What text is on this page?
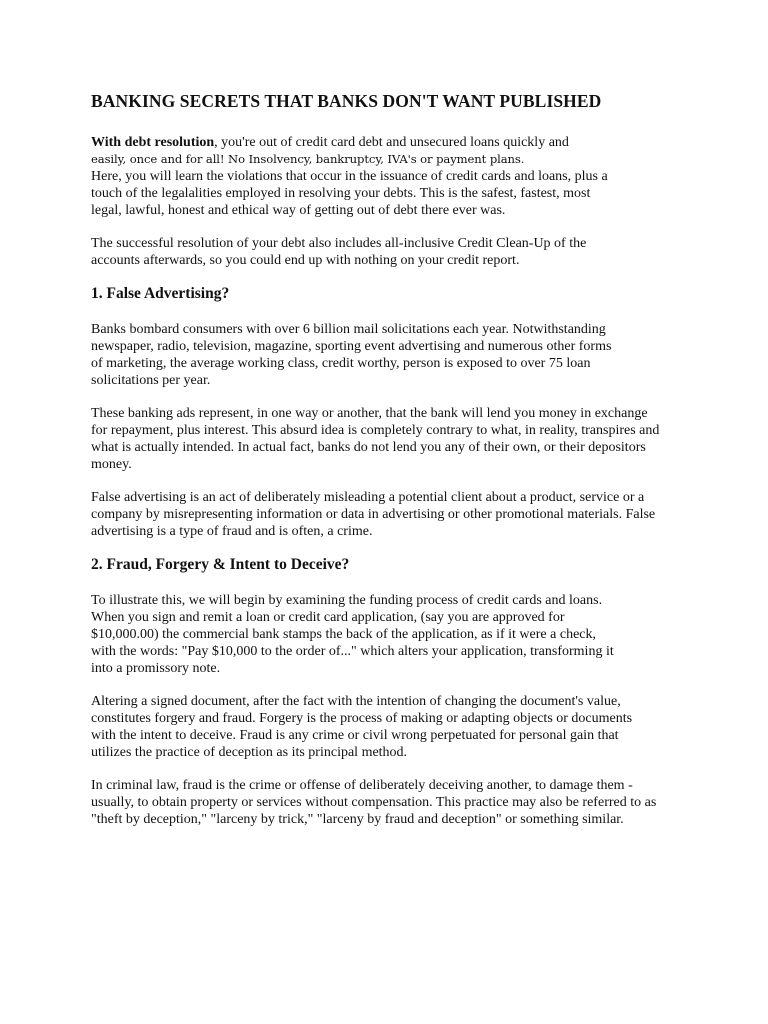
BANKING SECRETS THAT BANKS DON'T WANT PUBLISHED
With debt resolution, you're out of credit card debt and unsecured loans quickly and
easily, once and for all! No Insolvency, bankruptcy, IVA's or payment plans.
Here, you will learn the violations that occur in the issuance of credit cards and loans, plus a
touch of the legalalities employed in resolving your debts. This is the safest, fastest, most
legal, lawful, honest and ethical way of getting out of debt there ever was.
The successful resolution of your debt also includes all-inclusive Credit Clean-Up of the
accounts afterwards, so you could end up with nothing on your credit report.
1. False Advertising?
Banks bombard consumers with over 6 billion mail solicitations each year. Notwithstanding
newspaper, radio, television, magazine, sporting event advertising and numerous other forms
of marketing, the average working class, credit worthy, person is exposed to over 75 loan
solicitations per year.
These banking ads represent, in one way or another, that the bank will lend you money in exchange
for repayment, plus interest. This absurd idea is completely contrary to what, in reality, transpires and
what is actually intended. In actual fact, banks do not lend you any of their own, or their depositors
money.
False advertising is an act of deliberately misleading a potential client about a product, service or a
company by misrepresenting information or data in advertising or other promotional materials. False
advertising is a type of fraud and is often, a crime.
2. Fraud, Forgery & Intent to Deceive?
To illustrate this, we will begin by examining the funding process of credit cards and loans.
When you sign and remit a loan or credit card application, (say you are approved for
$10,000.00) the commercial bank stamps the back of the application, as if it were a check,
with the words: "Pay $10,000 to the order of..." which alters your application, transforming it
into a promissory note.
Altering a signed document, after the fact with the intention of changing the document's value,
constitutes forgery and fraud. Forgery is the process of making or adapting objects or documents
with the intent to deceive. Fraud is any crime or civil wrong perpetuated for personal gain that
utilizes the practice of deception as its principal method.
In criminal law, fraud is the crime or offense of deliberately deceiving another, to damage them -
usually, to obtain property or services without compensation. This practice may also be referred to as
"theft by deception," "larceny by trick," "larceny by fraud and deception" or something similar.
